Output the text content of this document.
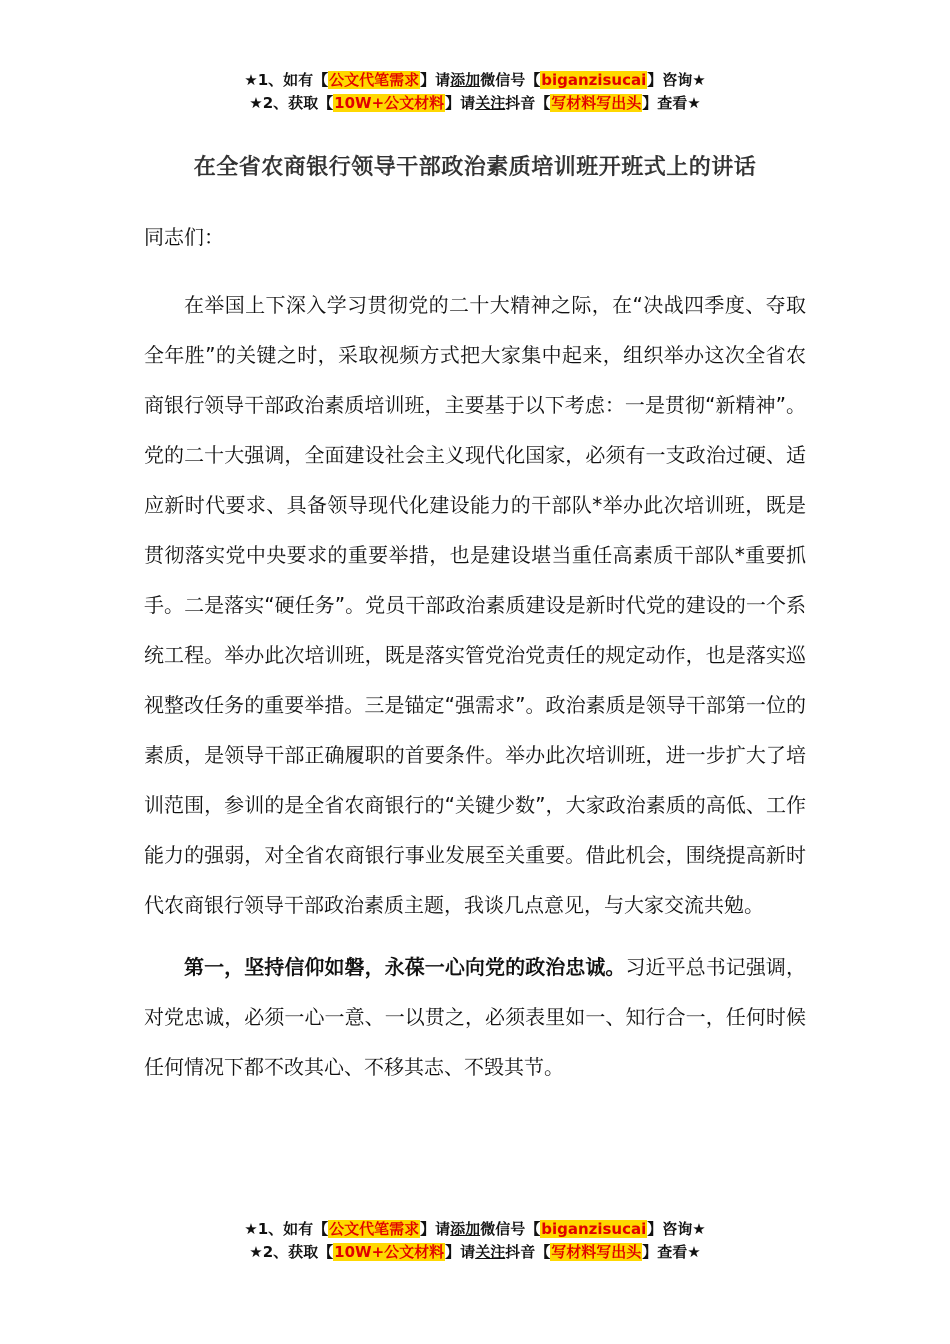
★1、如有【公文代笔需求】请添加微信号【biganzisucai】咨询★
★2、获取【10W+公文材料】请关注抖音【写材料写出头】查看★
在全省农商银行领导干部政治素质培训班开班式上的讲话

同志们：

在举国上下深入学习贯彻党的二十大精神之际，在“决战四季度、夺取全年胜”的关键之时，采取视频方式把大家集中起来，组织举办这次全省农商银行领导干部政治素质培训班，主要基于以下考虑：一是贯彻“新精神”。党的二十大强调，全面建设社会主义现代化国家，必须有一支政治过硬、适应新时代要求、具备领导现代化建设能力的干部队*举办此次培训班，既是贯彻落实党中央要求的重要举措，也是建设堪当重任高素质干部队*重要抓手。二是落实“硬任务”。党员干部政治素质建设是新时代党的建设的一个系统工程。举办此次培训班，既是落实管党治党责任的规定动作，也是落实巡视整改任务的重要举措。三是锚定“强需求”。政治素质是领导干部第一位的素质，是领导干部正确履职的首要条件。举办此次培训班，进一步扩大了培训范围，参训的是全省农商银行的“关键少数”，大家政治素质的高低、工作能力的强弱，对全省农商银行事业发展至关重要。借此机会，围绕提高新时代农商银行领导干部政治素质主题，我谈几点意见，与大家交流共勉。

第一，坚持信仰如磐，永葆一心向党的政治忠诚。习近平总书记强调，对党忠诚，必须一心一意、一以贯之，必须表里如一、知行合一，任何时候任何情况下都不改其心、不移其志、不毁其节。

★1、如有【公文代笔需求】请添加微信号【biganzisucai】咨询★
★2、获取【10W+公文材料】请关注抖音【写材料写出头】查看★
